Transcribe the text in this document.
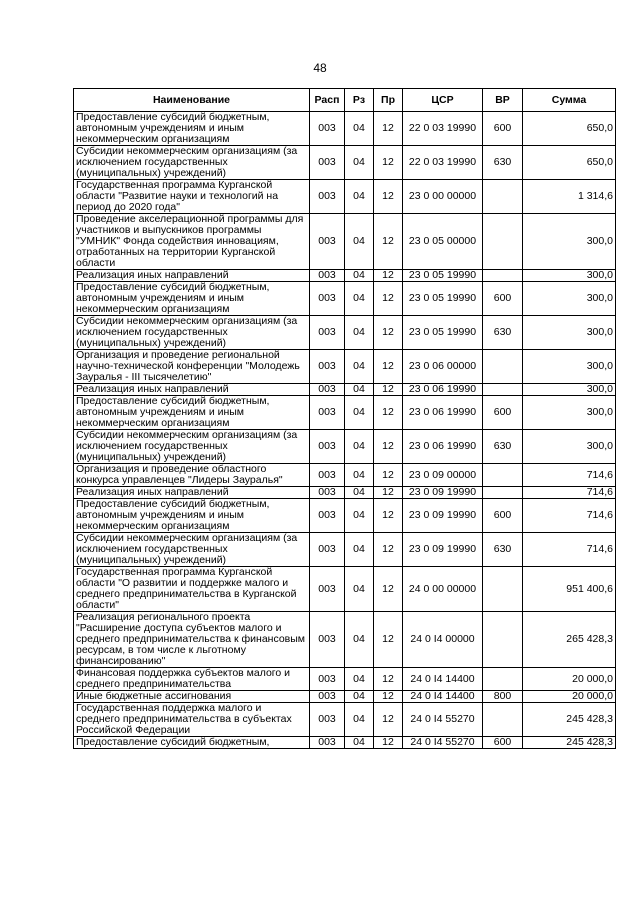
48
Наименование	Расп	Рз	Пр	ЦСР	ВР	Сумма
Предоставление субсидий бюджетным, автономным учреждениям и иным некоммерческим организациям	003	04	12	22 0 03 19990	600	650,0
Субсидии некоммерческим организациям (за исключением государственных (муниципальных) учреждений)	003	04	12	22 0 03 19990	630	650,0
Государственная программа Курганской области "Развитие науки и технологий на период до 2020 года"	003	04	12	23 0 00 00000		1 314,6
Проведение акселерационной программы для участников и выпускников программы "УМНИК" Фонда содействия инновациям, отработанных на территории Курганской области	003	04	12	23 0 05 00000		300,0
Реализация иных направлений	003	04	12	23 0 05 19990		300,0
Предоставление субсидий бюджетным, автономным учреждениям и иным некоммерческим организациям	003	04	12	23 0 05 19990	600	300,0
Субсидии некоммерческим организациям (за исключением государственных (муниципальных) учреждений)	003	04	12	23 0 05 19990	630	300,0
Организация и проведение региональной научно-технической конференции "Молодежь Зауралья - III тысячелетию"	003	04	12	23 0 06 00000		300,0
Реализация иных направлений	003	04	12	23 0 06 19990		300,0
Предоставление субсидий бюджетным, автономным учреждениям и иным некоммерческим организациям	003	04	12	23 0 06 19990	600	300,0
Субсидии некоммерческим организациям (за исключением государственных (муниципальных) учреждений)	003	04	12	23 0 06 19990	630	300,0
Организация и проведение областного конкурса управленцев "Лидеры Зауралья"	003	04	12	23 0 09 00000		714,6
Реализация иных направлений	003	04	12	23 0 09 19990		714,6
Предоставление субсидий бюджетным, автономным учреждениям и иным некоммерческим организациям	003	04	12	23 0 09 19990	600	714,6
Субсидии некоммерческим организациям (за исключением государственных (муниципальных) учреждений)	003	04	12	23 0 09 19990	630	714,6
Государственная программа Курганской области "О развитии и поддержке малого и среднего предпринимательства в Курганской области"	003	04	12	24 0 00 00000		951 400,6
Реализация регионального проекта "Расширение доступа субъектов малого и среднего предпринимательства к финансовым ресурсам, в том числе к льготному финансированию"	003	04	12	24 0 I4 00000		265 428,3
Финансовая поддержка субъектов малого и среднего предпринимательства	003	04	12	24 0 I4 14400		20 000,0
Иные бюджетные ассигнования	003	04	12	24 0 I4 14400	800	20 000,0
Государственная поддержка малого и среднего предпринимательства в субъектах Российской Федерации	003	04	12	24 0 I4 55270		245 428,3
Предоставление субсидий бюджетным,	003	04	12	24 0 I4 55270	600	245 428,3
